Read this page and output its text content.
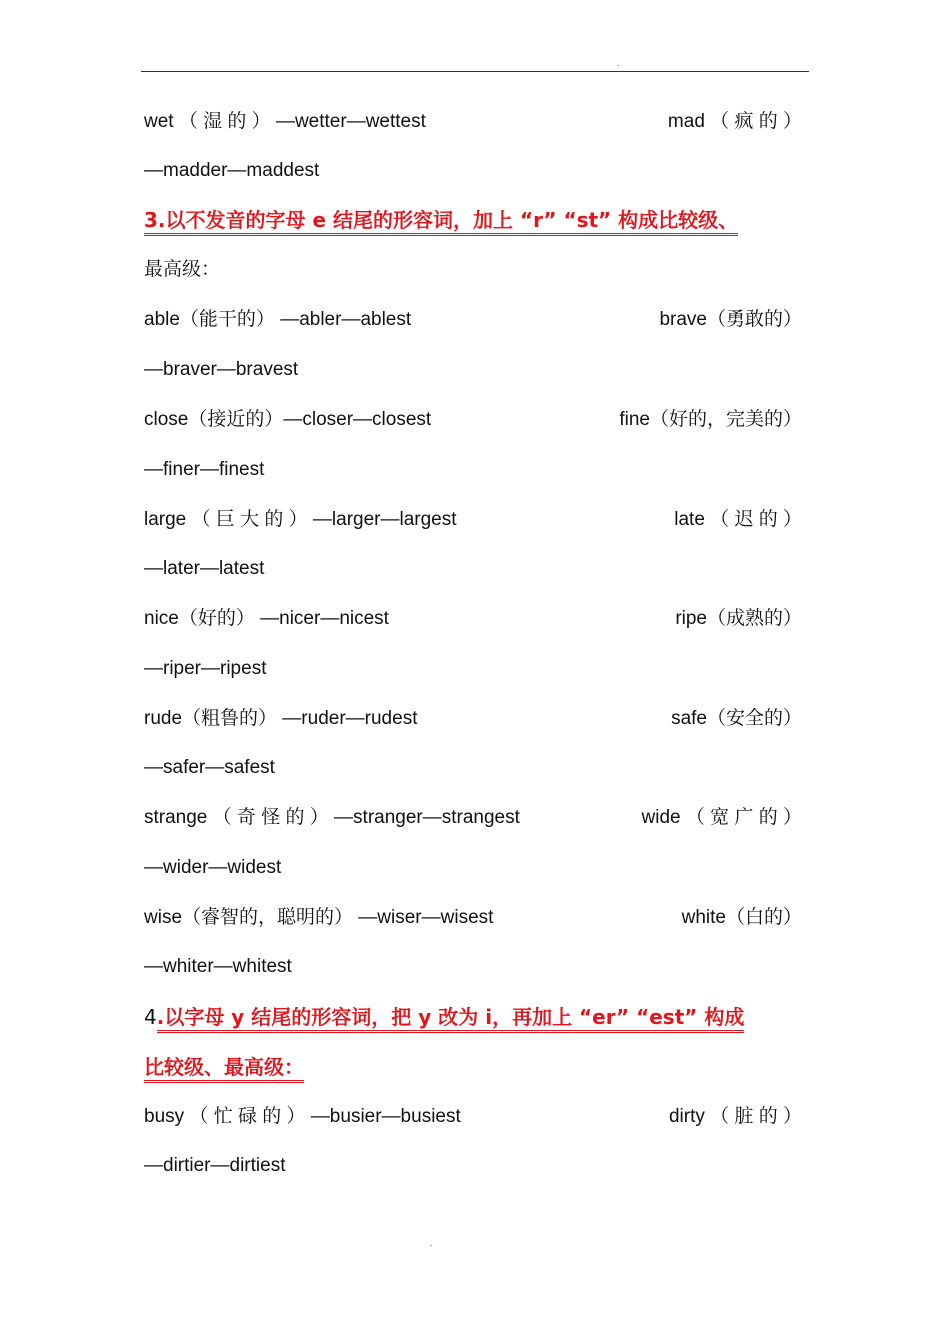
.
wet （ 湿 的 ） —wetter—wettest	mad （ 疯 的 ）
—madder—maddest
3.以不发音的字母 e 结尾的形容词，加上 “r” “st” 构成比较级、
最高级：
able（能干的） —abler—ablest	brave（勇敢的）
—braver—bravest
close（接近的）—closer—closest	fine（好的，完美的）
—finer—finest
large （ 巨 大 的 ） —larger—largest	late （ 迟 的 ）
—later—latest
nice（好的） —nicer—nicest	ripe（成熟的）
—riper—ripest
rude（粗鲁的） —ruder—rudest	safe（安全的）
—safer—safest
strange （ 奇 怪 的 ） —stranger—strangest	wide （ 宽 广 的 ）
—wider—widest
wise（睿智的，聪明的） —wiser—wisest	white（白的）
—whiter—whitest
4.以字母 y 结尾的形容词，把 y 改为 i，再加上 “er” “est” 构成
比较级、最高级：
busy （ 忙 碌 的 ） —busier—busiest	dirty （ 脏 的 ）
—dirtier—dirtiest
.
